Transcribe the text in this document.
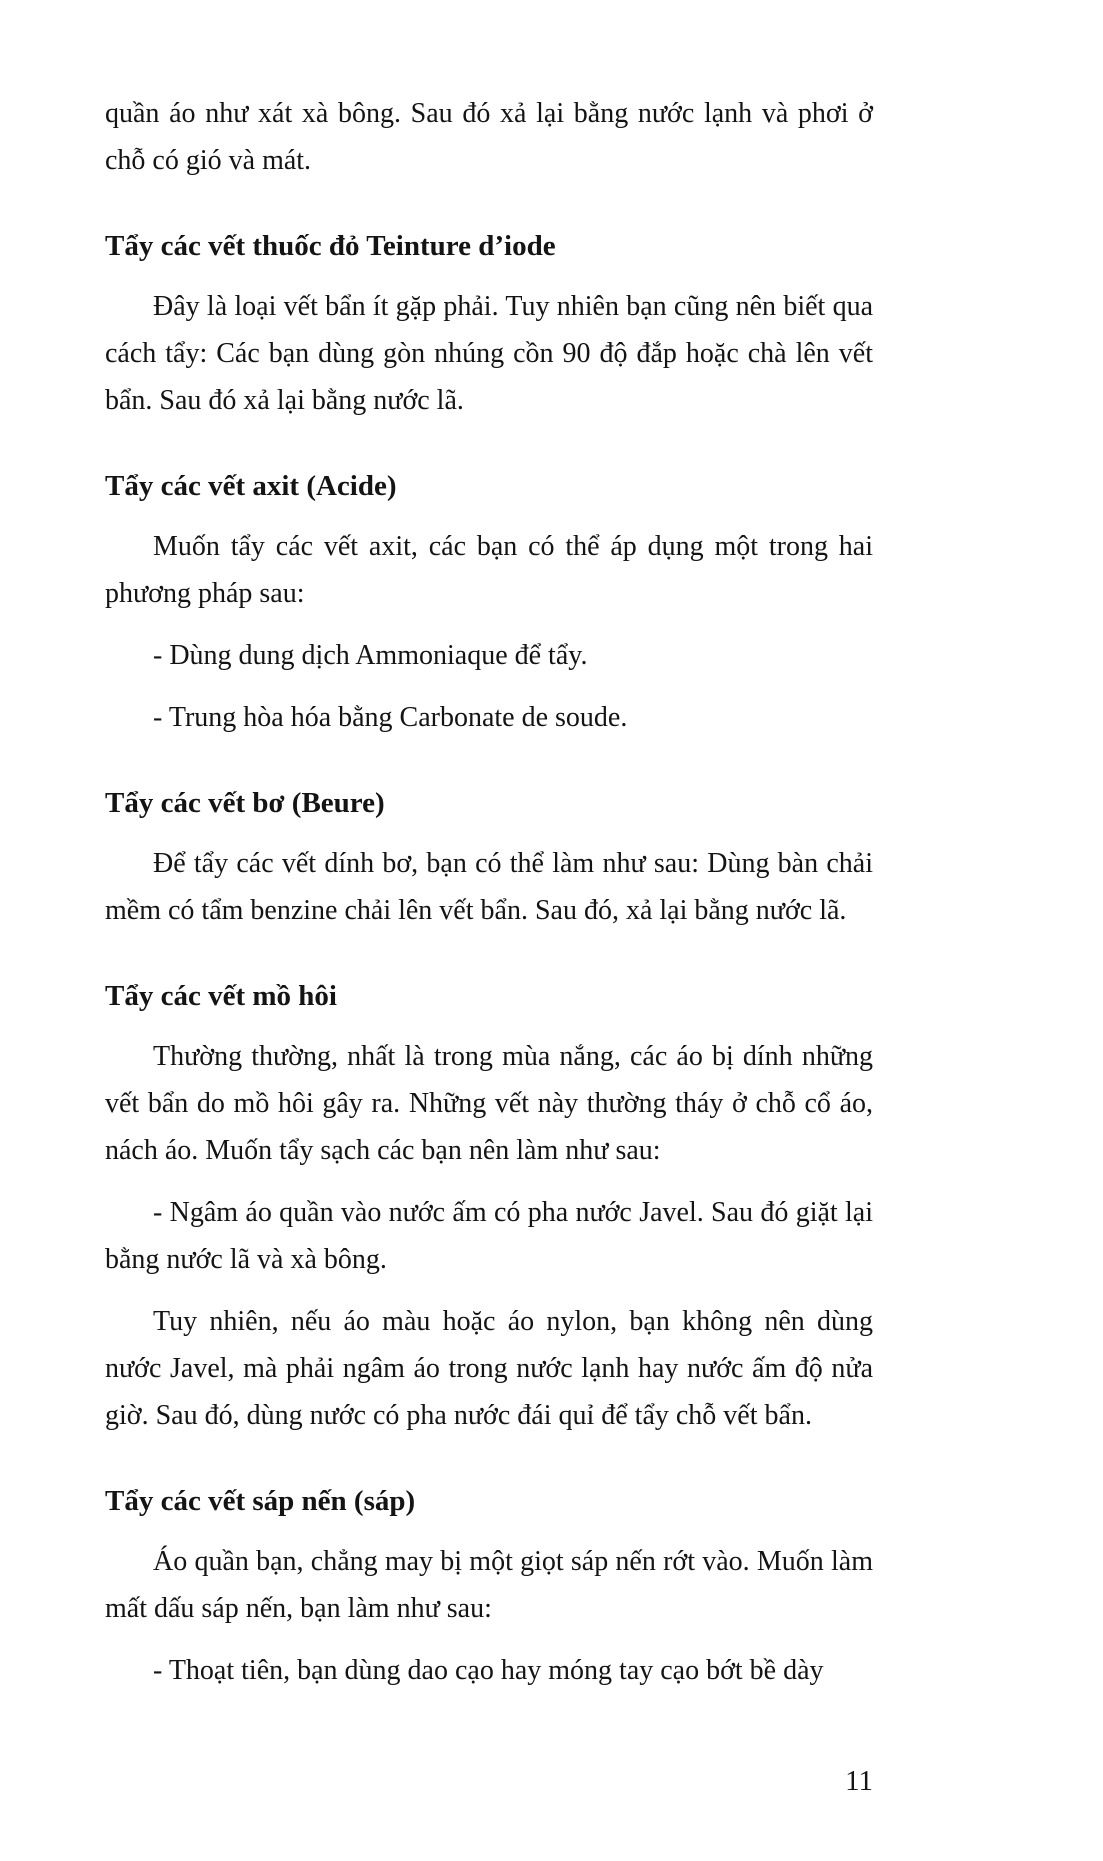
quần áo như xát xà bông. Sau đó xả lại bằng nước lạnh và phơi ở chỗ có gió và mát.

Tẩy các vết thuốc đỏ Teinture d’iode

Đây là loại vết bẩn ít gặp phải. Tuy nhiên bạn cũng nên biết qua cách tẩy: Các bạn dùng gòn nhúng cồn 90 độ đắp hoặc chà lên vết bẩn. Sau đó xả lại bằng nước lã.

Tẩy các vết axit (Acide)

Muốn tẩy các vết axit, các bạn có thể áp dụng một trong hai phương pháp sau:

- Dùng dung dịch Ammoniaque để tẩy.

- Trung hòa hóa bằng Carbonate de soude.

Tẩy các vết bơ (Beure)

Để tẩy các vết dính bơ, bạn có thể làm như sau: Dùng bàn chải mềm có tẩm benzine chải lên vết bẩn. Sau đó, xả lại bằng nước lã.

Tẩy các vết mồ hôi

Thường thường, nhất là trong mùa nắng, các áo bị dính những vết bẩn do mồ hôi gây ra. Những vết này thường tháy ở chỗ cổ áo, nách áo. Muốn tẩy sạch các bạn nên làm như sau:

- Ngâm áo quần vào nước ấm có pha nước Javel. Sau đó giặt lại bằng nước lã và xà bông.

Tuy nhiên, nếu áo màu hoặc áo nylon, bạn không nên dùng nước Javel, mà phải ngâm áo trong nước lạnh hay nước ấm độ nửa giờ. Sau đó, dùng nước có pha nước đái quỉ để tẩy chỗ vết bẩn.

Tẩy các vết sáp nến (sáp)

Áo quần bạn, chẳng may bị một giọt sáp nến rớt vào. Muốn làm mất dấu sáp nến, bạn làm như sau:

- Thoạt tiên, bạn dùng dao cạo hay móng tay cạo bớt bề dày

11
